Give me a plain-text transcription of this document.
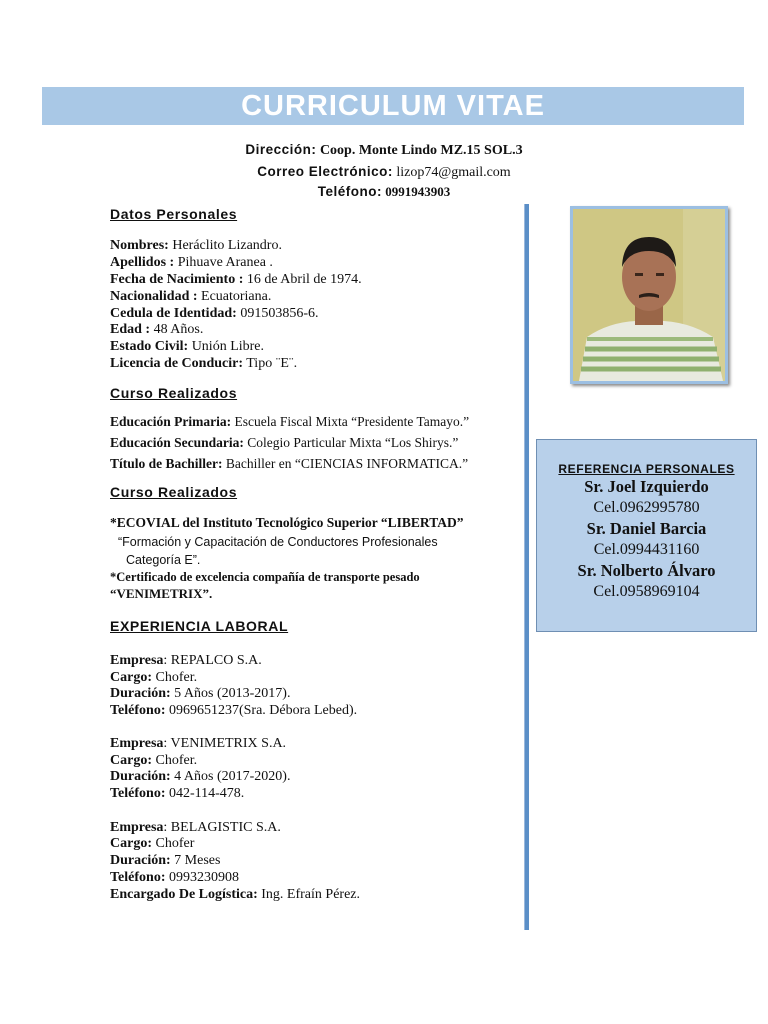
CURRICULUM VITAE
Dirección: Coop. Monte Lindo MZ.15 SOL.3
Correo Electrónico: lizop74@gmail.com
Teléfono: 0991943903
Datos Personales
Nombres: Heráclito Lizandro.
Apellidos : Pihuave Aranea .
Fecha de Nacimiento : 16 de Abril de 1974.
Nacionalidad : Ecuatoriana.
Cedula de Identidad: 091503856-6.
Edad : 48 Años.
Estado Civil: Unión Libre.
Licencia de Conducir: Tipo ¨E¨.
Curso Realizados
Educación Primaria: Escuela Fiscal Mixta “Presidente Tamayo.”
Educación Secundaria: Colegio Particular Mixta “Los Shirys.”
Título de Bachiller: Bachiller en “CIENCIAS INFORMATICA.”
Curso Realizados
*ECOVIAL del Instituto Tecnológico Superior “LIBERTAD”
“Formación y Capacitación de Conductores Profesionales
Categoría E”.
*Certificado de excelencia compañía de transporte pesado
“VENIMETRIX”.
EXPERIENCIA LABORAL
Empresa: REPALCO S.A.
Cargo: Chofer.
Duración: 5 Años (2013-2017).
Teléfono: 0969651237(Sra. Débora Lebed).
Empresa: VENIMETRIX S.A.
Cargo: Chofer.
Duración: 4 Años (2017-2020).
Teléfono: 042-114-478.
Empresa: BELAGISTIC S.A.
Cargo: Chofer
Duración: 7 Meses
Teléfono: 0993230908
Encargado De Logística: Ing. Efraín Pérez.
REFERENCIA PERSONALES
Sr. Joel Izquierdo
Cel.0962995780
Sr. Daniel Barcia
Cel.0994431160
Sr. Nolberto Álvaro
Cel.0958969104
